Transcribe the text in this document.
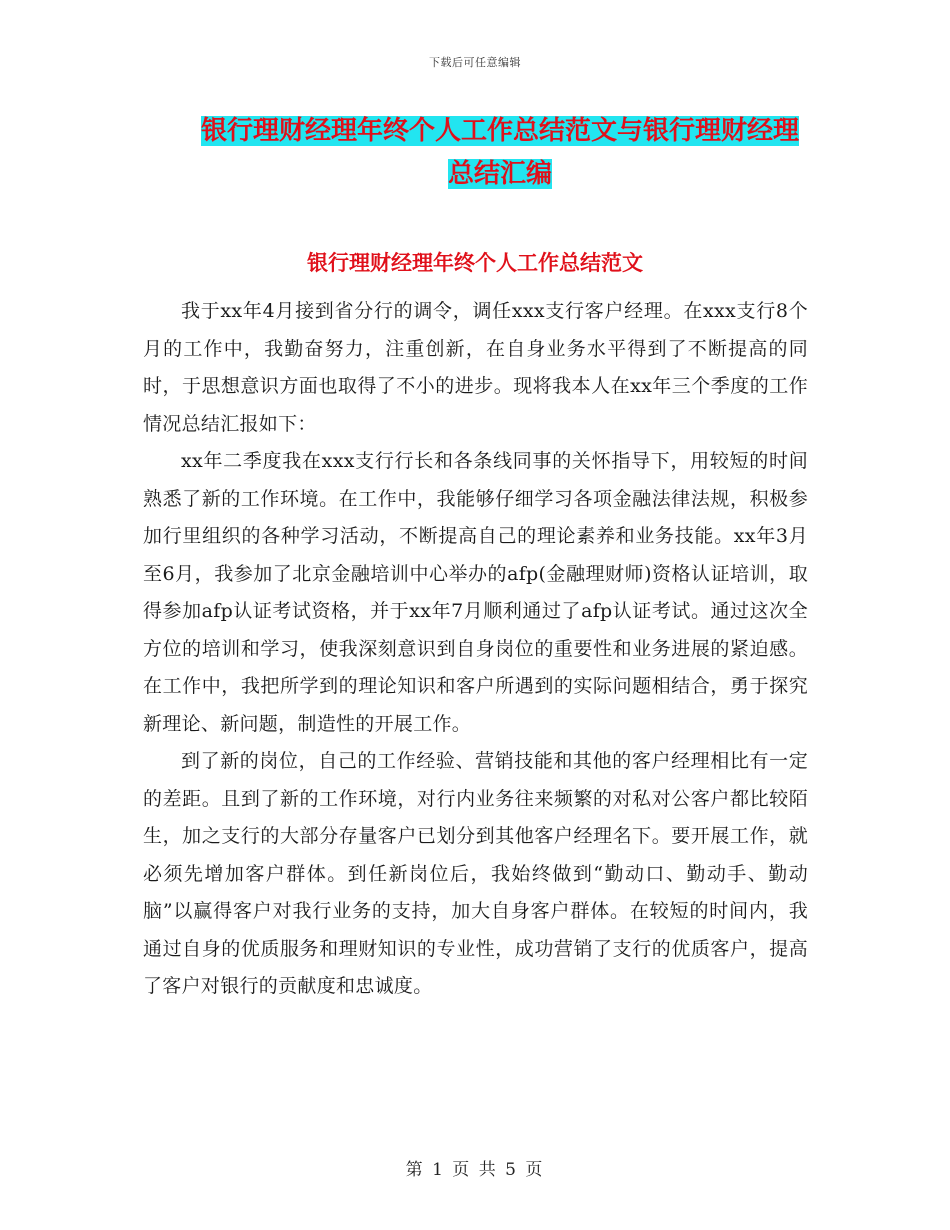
下载后可任意编辑
银行理财经理年终个人工作总结范文与银行理财经理
总结汇编
银行理财经理年终个人工作总结范文

我于xx年4月接到省分行的调令，调任xxx支行客户经理。在xxx支行8个月的工作中，我勤奋努力，注重创新，在自身业务水平得到了不断提高的同时，于思想意识方面也取得了不小的进步。现将我本人在xx年三个季度的工作情况总结汇报如下：

xx年二季度我在xxx支行行长和各条线同事的关怀指导下，用较短的时间熟悉了新的工作环境。在工作中，我能够仔细学习各项金融法律法规，积极参加行里组织的各种学习活动，不断提高自己的理论素养和业务技能。xx年3月至6月，我参加了北京金融培训中心举办的afp(金融理财师)资格认证培训，取得参加afp认证考试资格，并于xx年7月顺利通过了afp认证考试。通过这次全方位的培训和学习，使我深刻意识到自身岗位的重要性和业务进展的紧迫感。在工作中，我把所学到的理论知识和客户所遇到的实际问题相结合，勇于探究新理论、新问题，制造性的开展工作。

到了新的岗位，自己的工作经验、营销技能和其他的客户经理相比有一定的差距。且到了新的工作环境，对行内业务往来频繁的对私对公客户都比较陌生，加之支行的大部分存量客户已划分到其他客户经理名下。要开展工作，就必须先增加客户群体。到任新岗位后，我始终做到“勤动口、勤动手、勤动脑”以赢得客户对我行业务的支持，加大自身客户群体。在较短的时间内，我通过自身的优质服务和理财知识的专业性，成功营销了支行的优质客户，提高了客户对银行的贡献度和忠诚度。

第 1 页 共 5 页
